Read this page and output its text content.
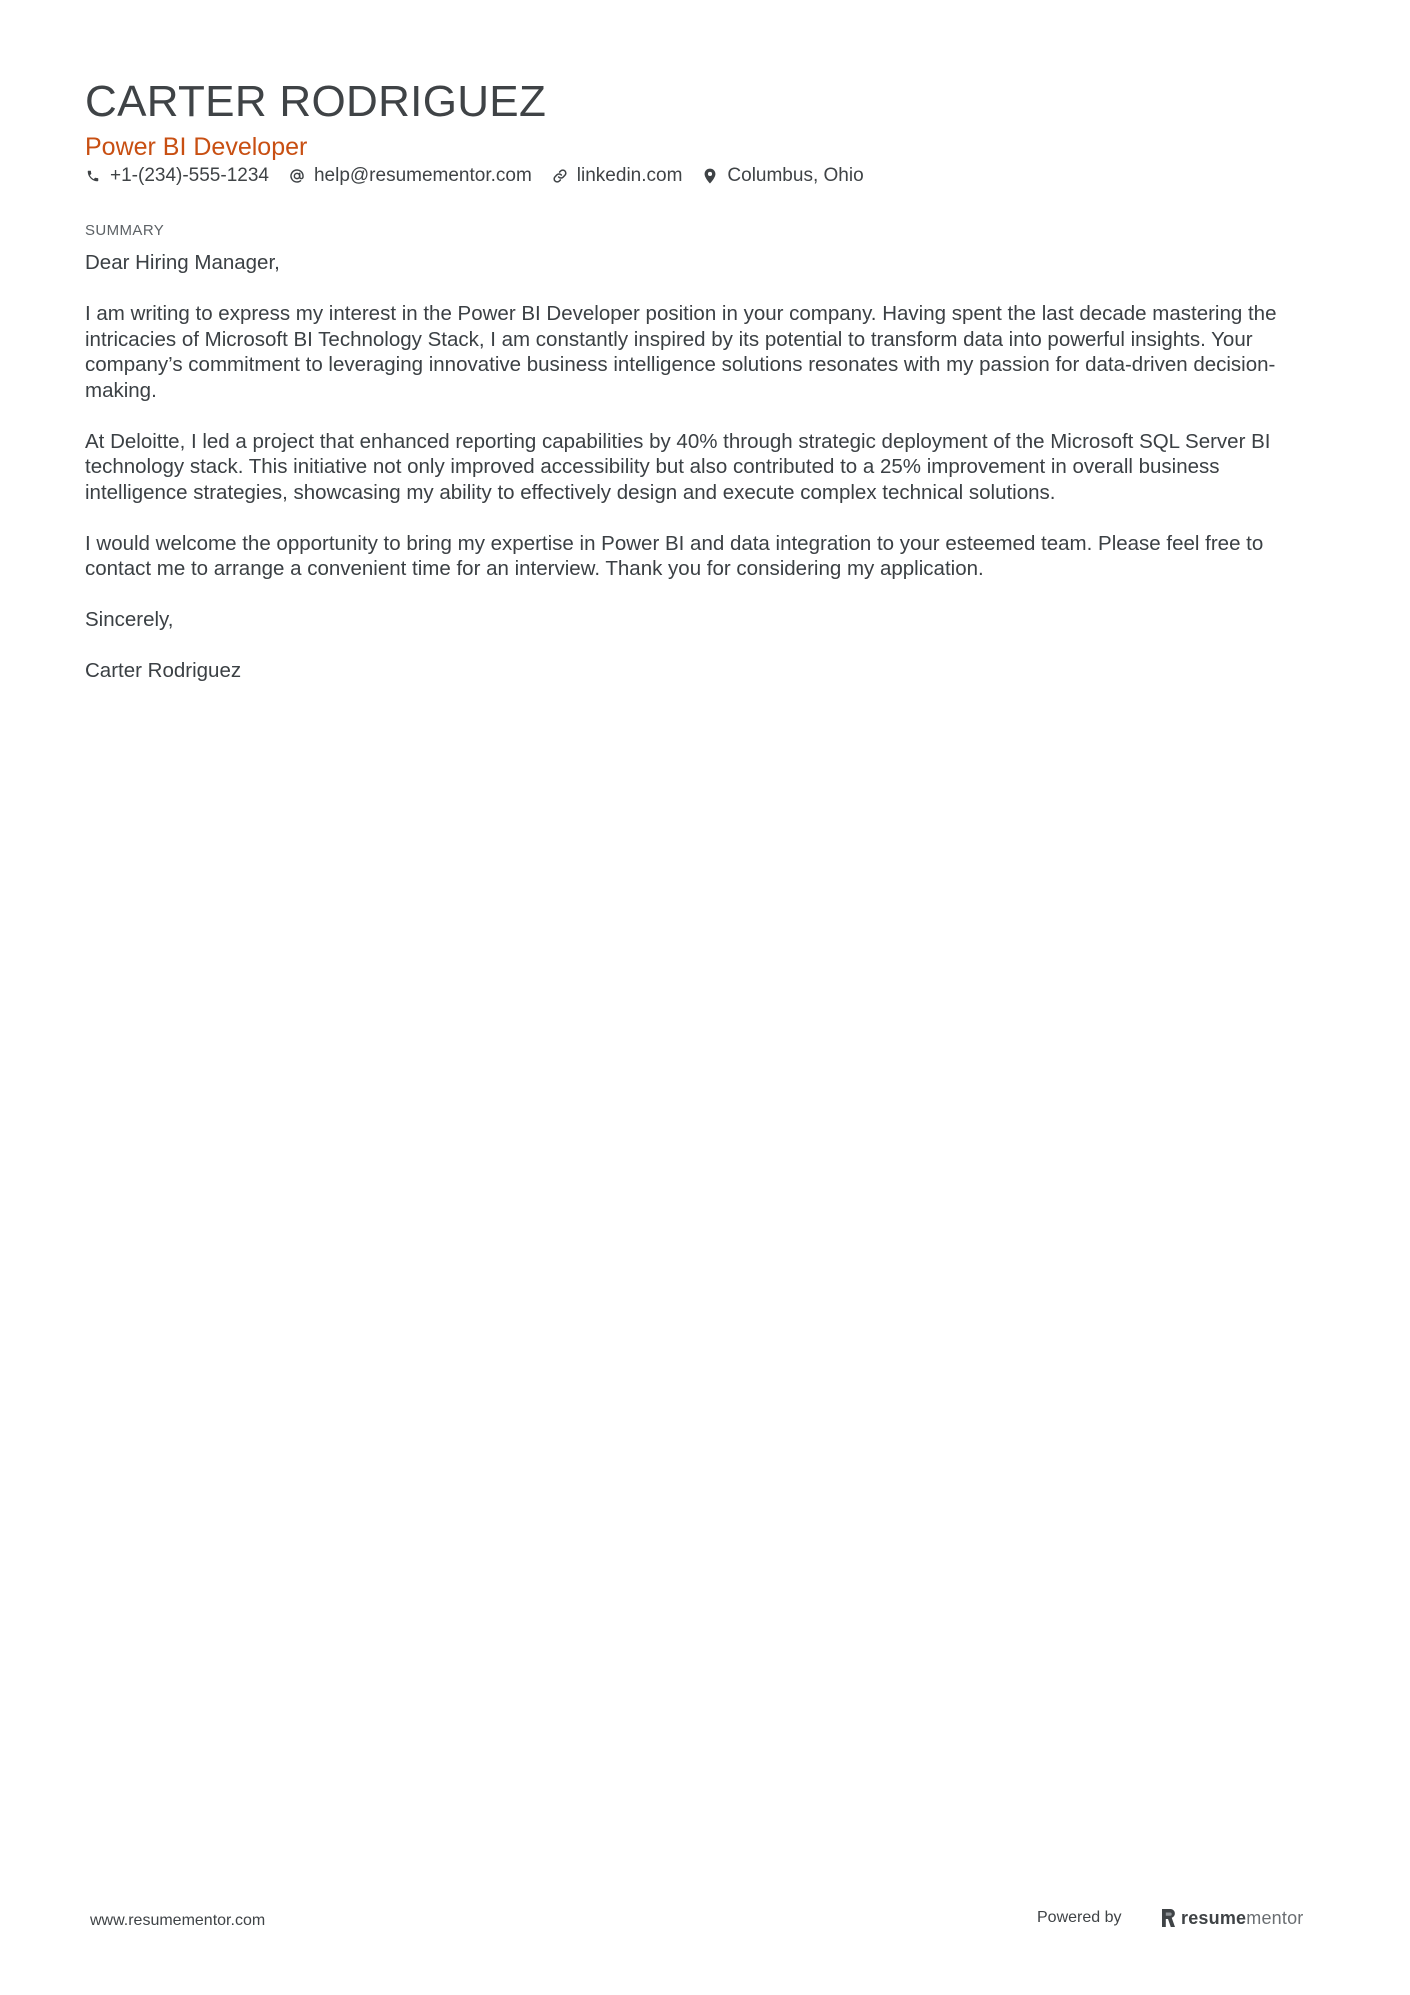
CARTER RODRIGUEZ
Power BI Developer
+1-(234)-555-1234 help@resumementor.com linkedin.com Columbus, Ohio
SUMMARY

Dear Hiring Manager,

I am writing to express my interest in the Power BI Developer position in your company. Having spent the last decade mastering the intricacies of Microsoft BI Technology Stack, I am constantly inspired by its potential to transform data into powerful insights. Your company’s commitment to leveraging innovative business intelligence solutions resonates with my passion for data-driven decision-making.

At Deloitte, I led a project that enhanced reporting capabilities by 40% through strategic deployment of the Microsoft SQL Server BI technology stack. This initiative not only improved accessibility but also contributed to a 25% improvement in overall business intelligence strategies, showcasing my ability to effectively design and execute complex technical solutions.

I would welcome the opportunity to bring my expertise in Power BI and data integration to your esteemed team. Please feel free to contact me to arrange a convenient time for an interview. Thank you for considering my application.

Sincerely,

Carter Rodriguez

www.resumementor.com	Powered by	resumementor
